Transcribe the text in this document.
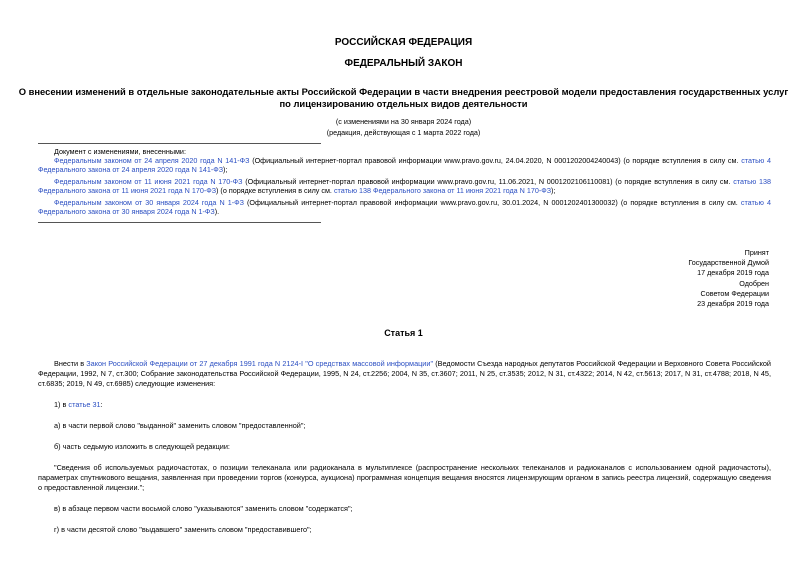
РОССИЙСКАЯ ФЕДЕРАЦИЯ
ФЕДЕРАЛЬНЫЙ ЗАКОН
О внесении изменений в отдельные законодательные акты Российской Федерации в части внедрения реестровой модели предоставления государственных услуг
по лицензированию отдельных видов деятельности
(с изменениями на 30 января 2024 года)
(редакция, действующая с 1 марта 2022 года)
Документ с изменениями, внесенными:
Федеральным законом от 24 апреля 2020 года N 141-ФЗ (Официальный интернет-портал правовой информации www.pravo.gov.ru, 24.04.2020, N 0001202004240043) (о порядке вступления в силу см. статью 4 Федерального закона от 24 апреля 2020 года N 141-ФЗ);
Федеральным законом от 11 июня 2021 года N 170-ФЗ (Официальный интернет-портал правовой информации www.pravo.gov.ru, 11.06.2021, N 0001202106110081) (о порядке вступления в силу см. статью 138 Федерального закона от 11 июня 2021 года N 170-ФЗ) (о порядке вступления в силу см. статью 138 Федерального закона от 11 июня 2021 года N 170-ФЗ);
Федеральным законом от 30 января 2024 года N 1-ФЗ (Официальный интернет-портал правовой информации www.pravo.gov.ru, 30.01.2024, N 0001202401300032) (о порядке вступления в силу см. статью 4 Федерального закона от 30 января 2024 года N 1-ФЗ).
Принят
Государственной Думой
17 декабря 2019 года
Одобрен
Советом Федерации
23 декабря 2019 года
Статья 1
Внести в Закон Российской Федерации от 27 декабря 1991 года N 2124-I "О средствах массовой информации" (Ведомости Съезда народных депутатов Российской Федерации и Верховного Совета Российской Федерации, 1992, N 7, ст.300; Собрание законодательства Российской Федерации, 1995, N 24, ст.2256; 2004, N 35, ст.3607; 2011, N 25, ст.3535; 2012, N 31, ст.4322; 2014, N 42, ст.5613; 2017, N 31, ст.4788; 2018, N 45, ст.6835; 2019, N 49, ст.6985) следующие изменения:
1) в статье 31:
а) в части первой слово "выданной" заменить словом "предоставленной";
б) часть седьмую изложить в следующей редакции:
"Сведения об используемых радиочастотах, о позиции телеканала или радиоканала в мультиплексе (распространение нескольких телеканалов и радиоканалов с использованием одной радиочастоты), параметрах спутникового вещания, заявленная при проведении торгов (конкурса, аукциона) программная концепция вещания вносятся лицензирующим органом в запись реестра лицензий, содержащую сведения о предоставленной лицензии.";
в) в абзаце первом части восьмой слово "указываются" заменить словом "содержатся";
г) в части десятой слово "выдавшего" заменить словом "предоставившего";
